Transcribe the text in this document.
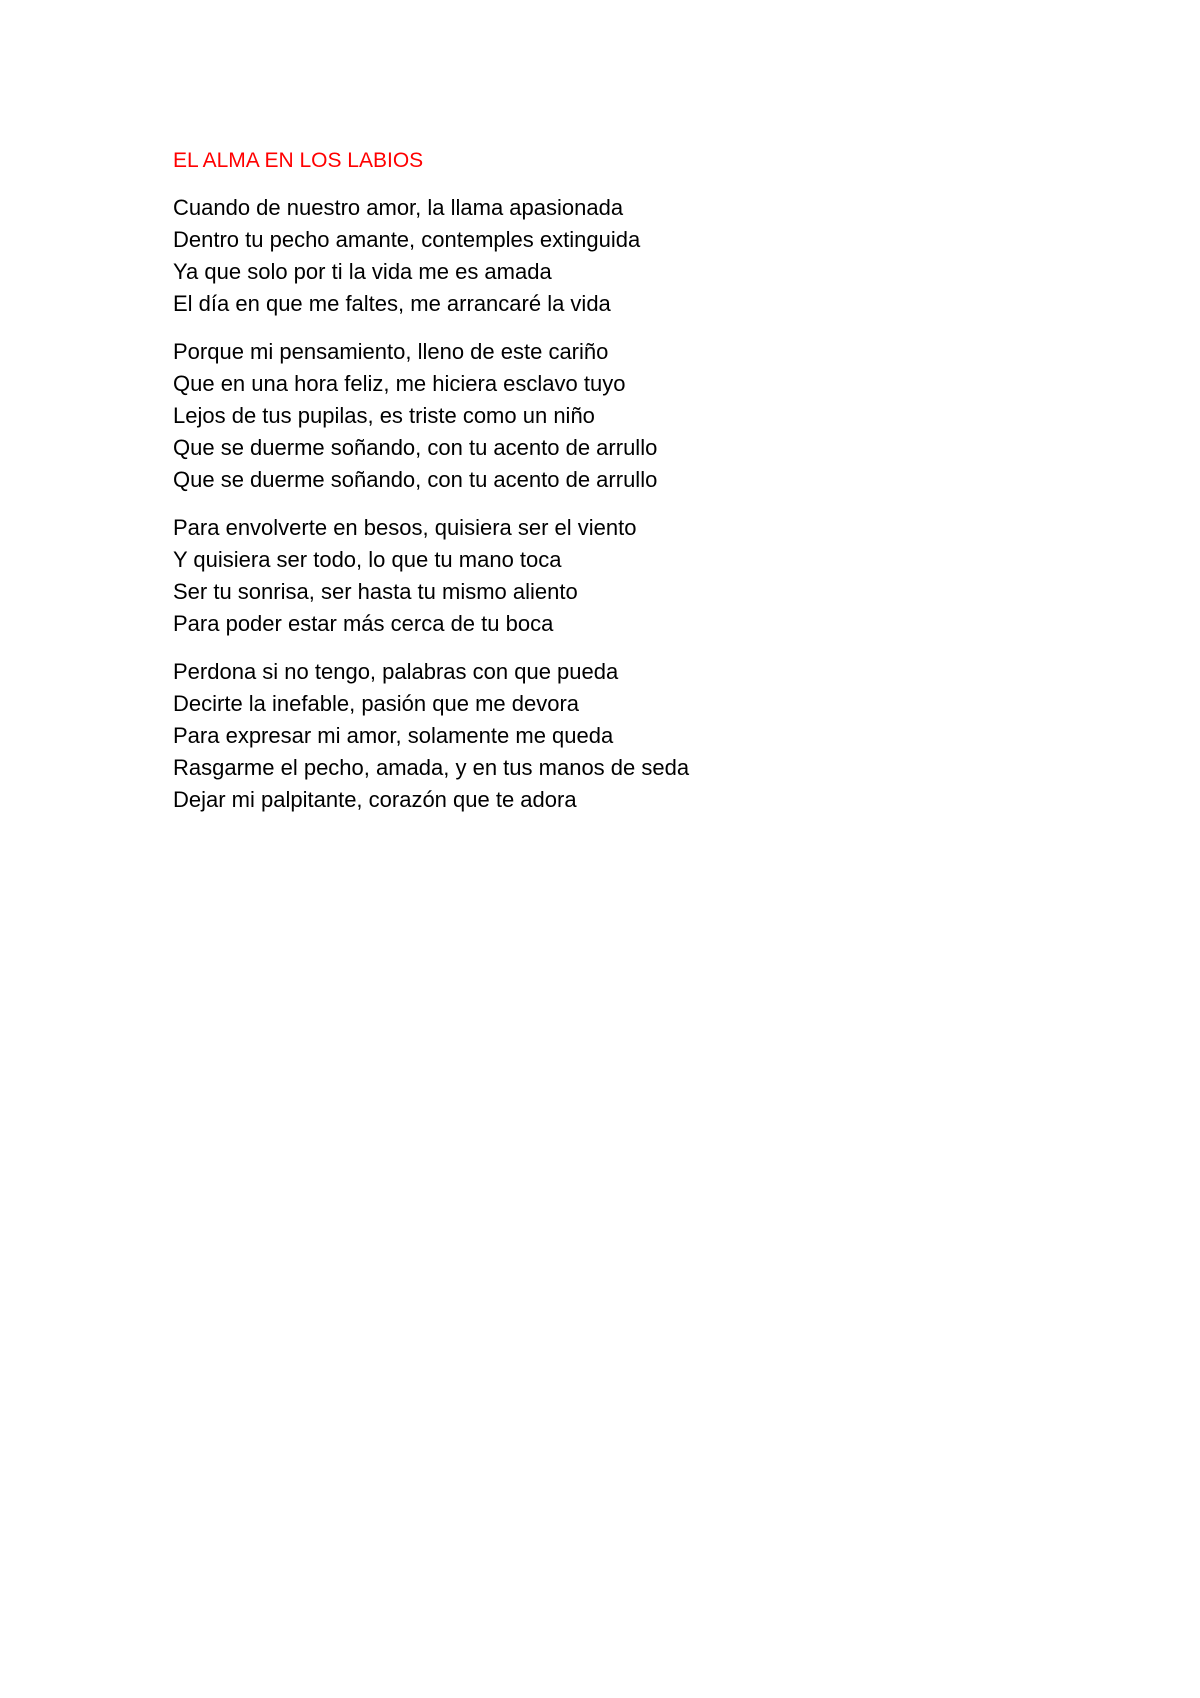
EL ALMA EN LOS LABIOS
Cuando de nuestro amor, la llama apasionada
Dentro tu pecho amante, contemples extinguida
Ya que solo por ti la vida me es amada
El día en que me faltes, me arrancaré la vida
Porque mi pensamiento, lleno de este cariño
Que en una hora feliz, me hiciera esclavo tuyo
Lejos de tus pupilas, es triste como un niño
Que se duerme soñando, con tu acento de arrullo
Que se duerme soñando, con tu acento de arrullo
Para envolverte en besos, quisiera ser el viento
Y quisiera ser todo, lo que tu mano toca
Ser tu sonrisa, ser hasta tu mismo aliento
Para poder estar más cerca de tu boca
Perdona si no tengo, palabras con que pueda
Decirte la inefable, pasión que me devora
Para expresar mi amor, solamente me queda
Rasgarme el pecho, amada, y en tus manos de seda
Dejar mi palpitante, corazón que te adora
